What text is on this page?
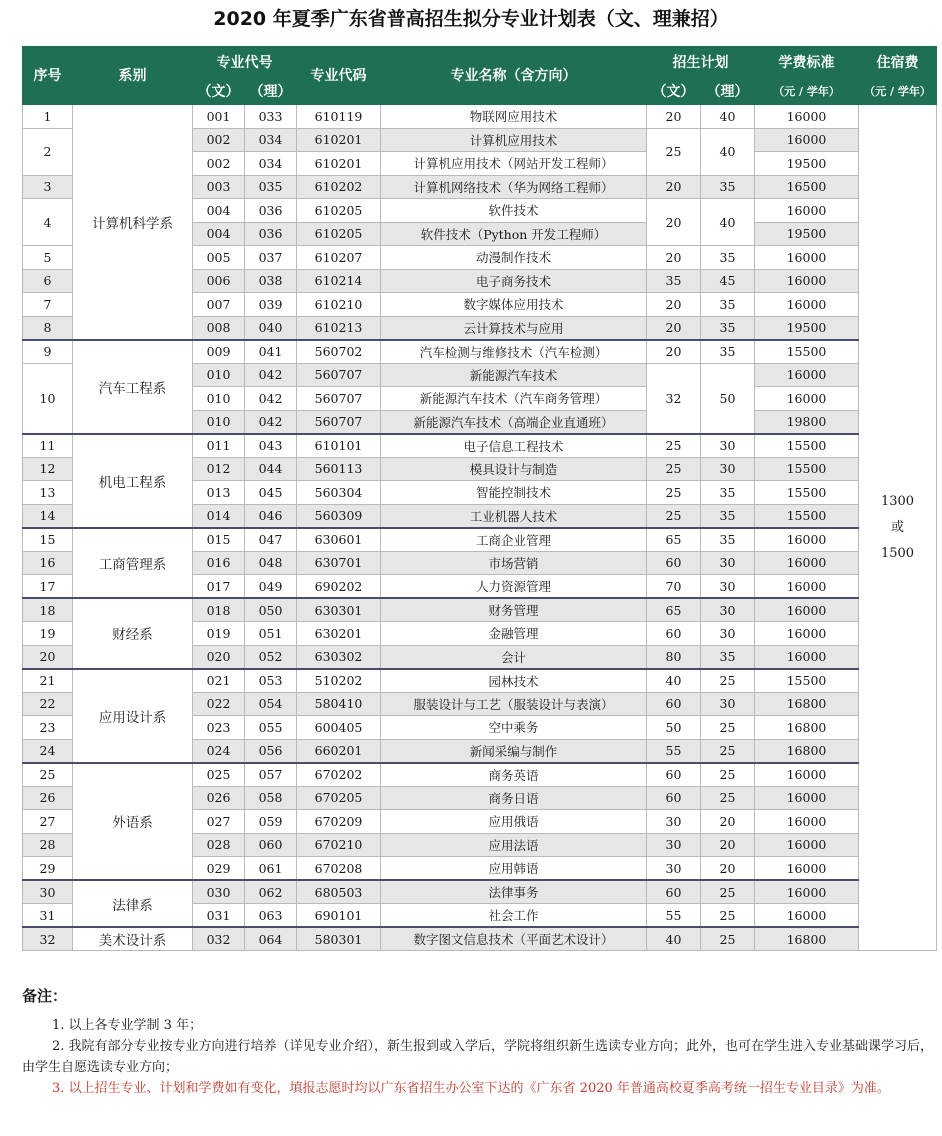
2020 年夏季广东省普高招生拟分专业计划表（文、理兼招）
序号	系别	专业代号		专业代码	专业名称（含方向）	招生计划		学费标准	住宿费
		（文）	（理）			（文）	（理）	（元 / 学年）	（元 / 学年）
1	计算机科学系	001	033	610119	物联网应用技术	20	40	16000	1300
或
1500

2		002	034	610201	计算机应用技术	25	40	16000	
		002	034	610201	计算机应用技术（网站开发工程师）			19500	
3		003	035	610202	计算机网络技术（华为网络工程师）	20	35	16500	
4		004	036	610205	软件技术	20	40	16000	
		004	036	610205	软件技术（Python 开发工程师）			19500	
5		005	037	610207	动漫制作技术	20	35	16000	
6		006	038	610214	电子商务技术	35	45	16000	
7		007	039	610210	数字媒体应用技术	20	35	16000	
8		008	040	610213	云计算技术与应用	20	35	19500	
9	汽车工程系	009	041	560702	汽车检测与维修技术（汽车检测）	20	35	15500	
10		010	042	560707	新能源汽车技术	32	50	16000	
		010	042	560707	新能源汽车技术（汽车商务管理）			16000	
		010	042	560707	新能源汽车技术（高端企业直通班）			19800	
11	机电工程系	011	043	610101	电子信息工程技术	25	30	15500	
12		012	044	560113	模具设计与制造	25	30	15500	
13		013	045	560304	智能控制技术	25	35	15500	
14		014	046	560309	工业机器人技术	25	35	15500	
15	工商管理系	015	047	630601	工商企业管理	65	35	16000	
16		016	048	630701	市场营销	60	30	16000	
17		017	049	690202	人力资源管理	70	30	16000	
18	财经系	018	050	630301	财务管理	65	30	16000	
19		019	051	630201	金融管理	60	30	16000	
20		020	052	630302	会计	80	35	16000	
21	应用设计系	021	053	510202	园林技术	40	25	15500	
22		022	054	580410	服装设计与工艺（服装设计与表演）	60	30	16800	
23		023	055	600405	空中乘务	50	25	16800	
24		024	056	660201	新闻采编与制作	55	25	16800	
25	外语系	025	057	670202	商务英语	60	25	16000	
26		026	058	670205	商务日语	60	25	16000	
27		027	059	670209	应用俄语	30	20	16000	
28		028	060	670210	应用法语	30	20	16000	
29		029	061	670208	应用韩语	30	20	16000	
30	法律系	030	062	680503	法律事务	60	25	16000	
31		031	063	690101	社会工作	55	25	16000	
32	美术设计系	032	064	580301	数字图文信息技术（平面艺术设计）	40	25	16800	
备注：

1. 以上各专业学制 3 年；

2. 我院有部分专业按专业方向进行培养（详见专业介绍），新生报到或入学后，学院将组织新生选读专业方向；此外，也可在学生进入专业基础课学习后，由学生自愿选读专业方向；

3. 以上招生专业、计划和学费如有变化，填报志愿时均以广东省招生办公室下达的《广东省 2020 年普通高校夏季高考统一招生专业目录》为准。
